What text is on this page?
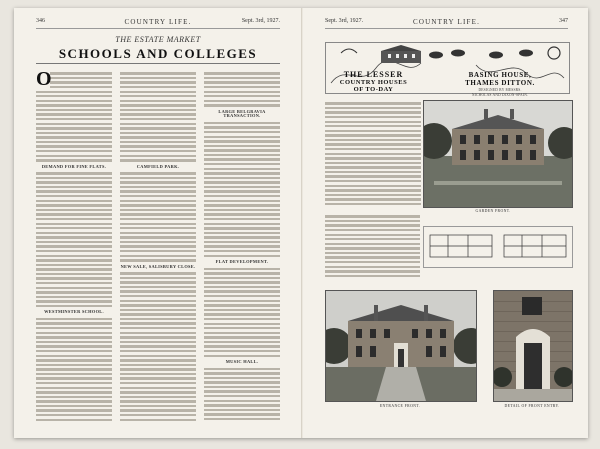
346	COUNTRY LIFE.	Sept. 3rd, 1927.
THE ESTATE MARKET
SCHOOLS AND COLLEGES
O
DEMAND FOR FINE FLATS.
WESTMINSTER SCHOOL.
CAMFIELD PARK.
NEW SALE, SALISBURY CLOSE.
LARGE BELGRAVIA TRANSACTION.
FLAT DEVELOPMENT.
MUSIC HALL.
Sept. 3rd, 1927.	COUNTRY LIFE.	347
THE LESSER
COUNTRY HOUSES
OF TO-DAY
BASING HOUSE,
THAMES DITTON.
DESIGNED BY MESSRS.
NICHOLAS AND DIXON-SPAIN.
GARDEN FRONT.
ENTRANCE FRONT.	DETAIL OF FRONT ENTRY.
